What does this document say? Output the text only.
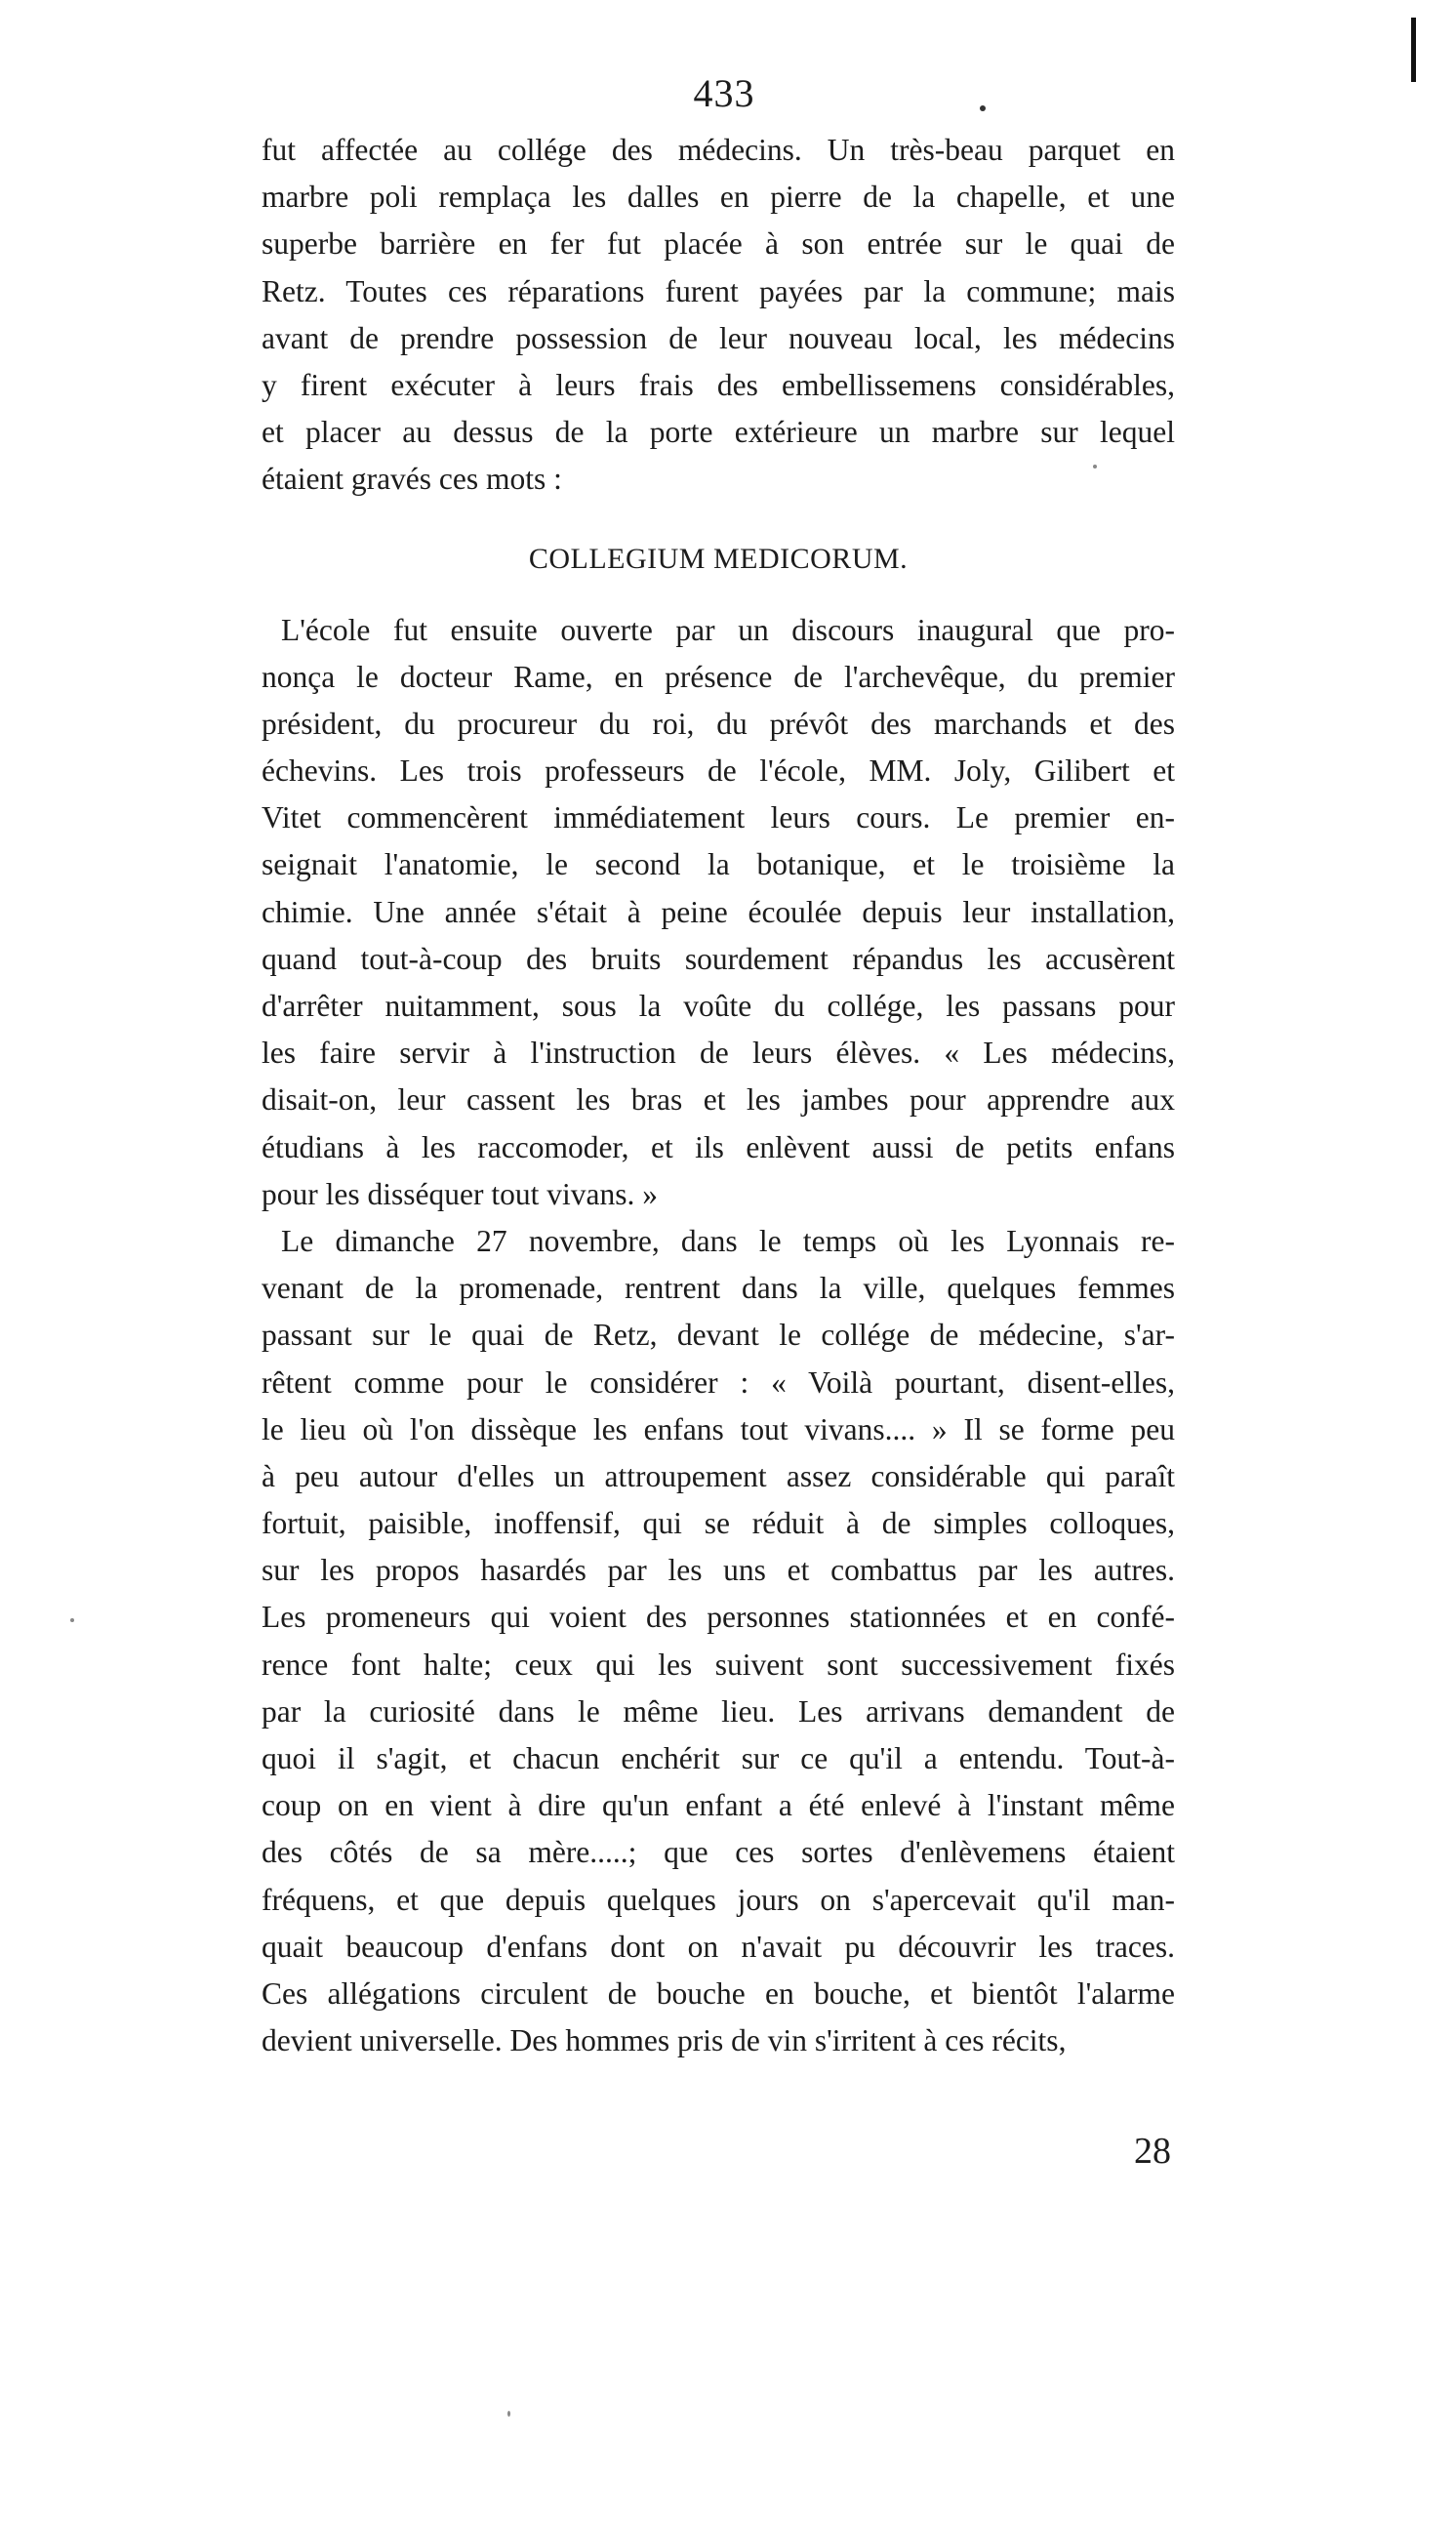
433
fut affectée au collége des médecins. Un très-beau parquet en
marbre poli remplaça les dalles en pierre de la chapelle, et une
superbe barrière en fer fut placée à son entrée sur le quai de
Retz. Toutes ces réparations furent payées par la commune; mais
avant de prendre possession de leur nouveau local, les médecins
y firent exécuter à leurs frais des embellissemens considérables,
et placer au dessus de la porte extérieure un marbre sur lequel
étaient gravés ces mots :
COLLEGIUM MEDICORUM.
L'école fut ensuite ouverte par un discours inaugural que pro-
nonça le docteur Rame, en présence de l'archevêque, du premier
président, du procureur du roi, du prévôt des marchands et des
échevins. Les trois professeurs de l'école, MM. Joly, Gilibert et
Vitet commencèrent immédiatement leurs cours. Le premier en-
seignait l'anatomie, le second la botanique, et le troisième la
chimie. Une année s'était à peine écoulée depuis leur installation,
quand tout-à-coup des bruits sourdement répandus les accusèrent
d'arrêter nuitamment, sous la voûte du collége, les passans pour
les faire servir à l'instruction de leurs élèves. « Les médecins,
disait-on, leur cassent les bras et les jambes pour apprendre aux
étudians à les raccomoder, et ils enlèvent aussi de petits enfans
pour les disséquer tout vivans. »
Le dimanche 27 novembre, dans le temps où les Lyonnais re-
venant de la promenade, rentrent dans la ville, quelques femmes
passant sur le quai de Retz, devant le collége de médecine, s'ar-
rêtent comme pour le considérer : « Voilà pourtant, disent-elles,
le lieu où l'on dissèque les enfans tout vivans.... » Il se forme peu
à peu autour d'elles un attroupement assez considérable qui paraît
fortuit, paisible, inoffensif, qui se réduit à de simples colloques,
sur les propos hasardés par les uns et combattus par les autres.
Les promeneurs qui voient des personnes stationnées et en confé-
rence font halte; ceux qui les suivent sont successivement fixés
par la curiosité dans le même lieu. Les arrivans demandent de
quoi il s'agit, et chacun enchérit sur ce qu'il a entendu. Tout-à-
coup on en vient à dire qu'un enfant a été enlevé à l'instant même
des côtés de sa mère.....; que ces sortes d'enlèvemens étaient
fréquens, et que depuis quelques jours on s'apercevait qu'il man-
quait beaucoup d'enfans dont on n'avait pu découvrir les traces.
Ces allégations circulent de bouche en bouche, et bientôt l'alarme
devient universelle. Des hommes pris de vin s'irritent à ces récits,
28
